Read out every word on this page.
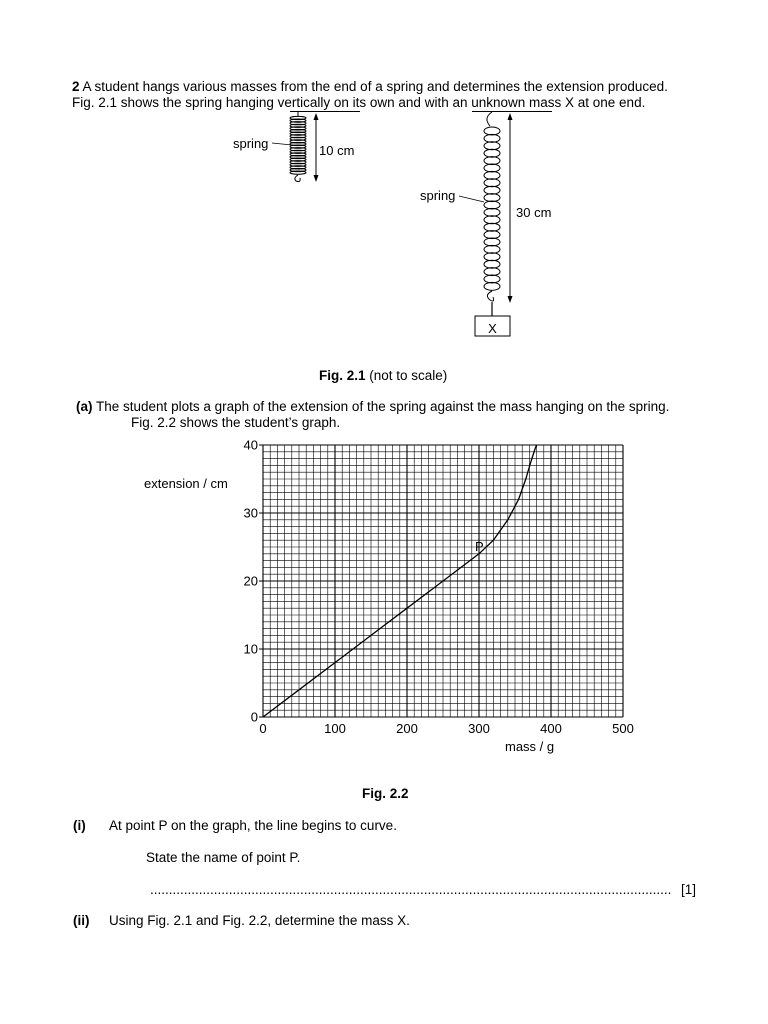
2 A student hangs various masses from the end of a spring and determines the extension produced.
Fig. 2.1 shows the spring hanging vertically on its own and with an unknown mass X at one end.
spring	10 cm
spring
30 cm
X
Fig. 2.1 (not to scale)
(a) The student plots a graph of the extension of the spring against the mass hanging on the spring.
Fig. 2.2 shows the student’s graph.
0	100	200	300	400	500
0
10
20
30
40
extension / cm
mass / g
P
Fig. 2.2
(i) At point P on the graph, the line begins to curve.
State the name of point P.
........................................................................................................................................... [1]
(ii) Using Fig. 2.1 and Fig. 2.2, determine the mass X.
